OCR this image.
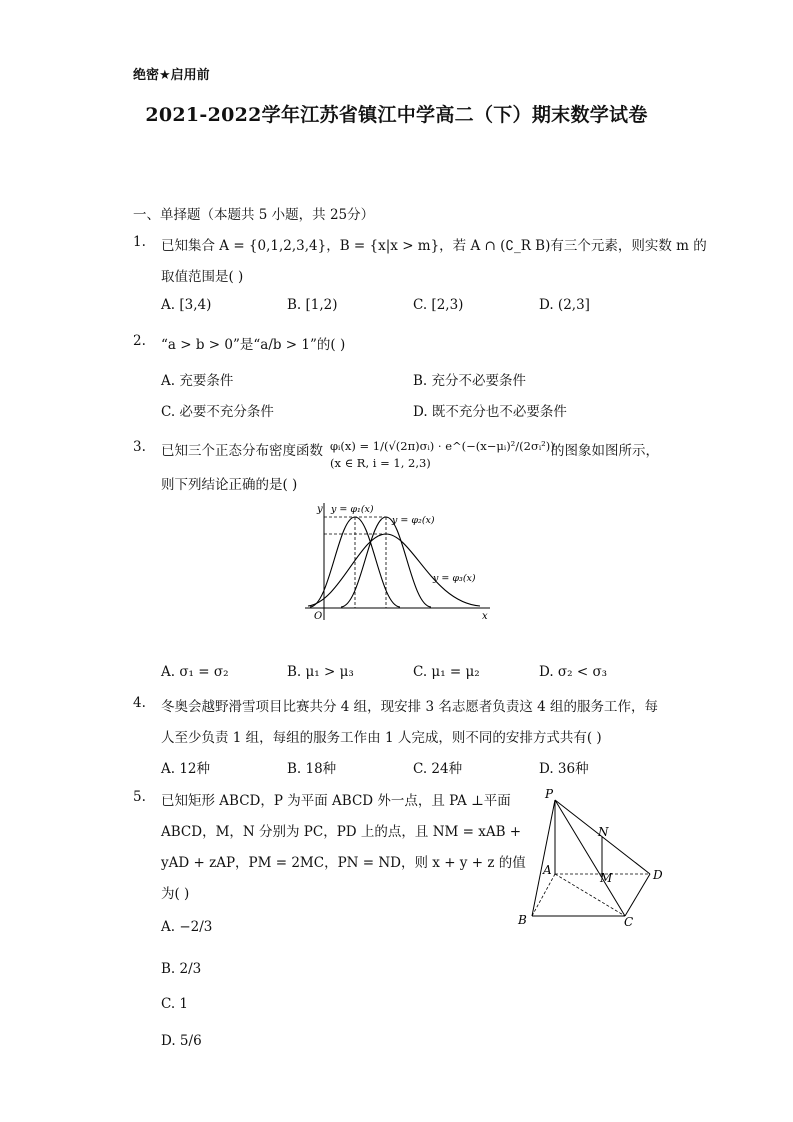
绝密★启用前
2021-2022学年江苏省镇江中学高二（下）期末数学试卷
一、单择题（本题共 5 小题，共 25分）
1. 已知集合 A = {0,1,2,3,4}，B = {x|x > m}，若 A ∩ (∁_R B)有三个元素，则实数 m 的
取值范围是( )
A. [3,4)	B. [1,2)	C. [2,3)	D. (2,3]
2. “a > b > 0”是“a/b > 1”的( )
A. 充要条件	B. 充分不必要条件
C. 必要不充分条件	D. 既不充分也不必要条件
3. 已知三个正态分布密度函数 φᵢ(x) = 1/(√(2π)σᵢ) · e^(−(x−μᵢ)²/(2σᵢ²))
(x ∈ R, i = 1, 2,3)
的图象如图所示，
则下列结论正确的是( )
y
x
O
y = φ₁(x)
y = φ₂(x)
y = φ₃(x)
A. σ₁ = σ₂	B. μ₁ > μ₃	C. μ₁ = μ₂	D. σ₂ < σ₃
4. 冬奥会越野滑雪项目比赛共分 4 组，现安排 3 名志愿者负责这 4 组的服务工作，每
人至少负责 1 组，每组的服务工作由 1 人完成，则不同的安排方式共有( )
A. 12种	B. 18种	C. 24种	D. 36种
5. 已知矩形 ABCD，P 为平面 ABCD 外一点，且 PA ⊥平面
ABCD，M，N 分别为 PC，PD 上的点，且 NM = xAB +
yAD + zAP，PM = 2MC，PN = ND，则 x + y + z 的值
为( )
P
N
A
M	D
B	C
A. −2/3
B. 2/3
C. 1
D. 5/6
